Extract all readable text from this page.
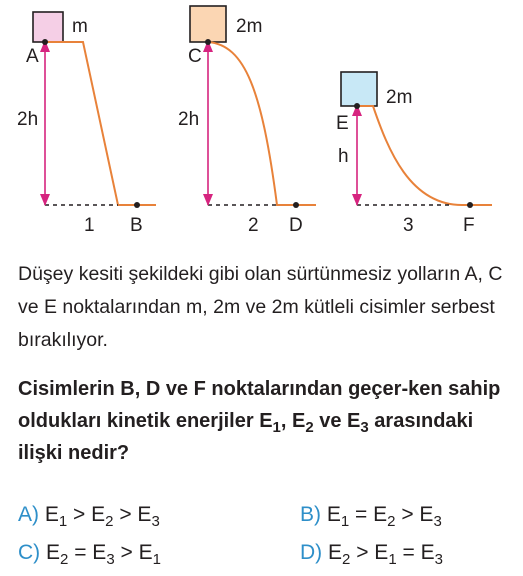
m
A
2h
1 B
2m
C
2h
2 D
2m
E
h
3	F
Düşey kesiti şekildeki gibi olan sürtünmesiz yolların A, C ve E noktalarından m, 2m ve 2m kütleli cisimler serbest bırakılıyor.
Cisimlerin B, D ve F noktalarından geçer-ken sahip oldukları kinetik enerjiler $E_1$, $E_2$ ve $E_3$ arasındaki ilişki nedir?
A) $E_1 > E_2 > E_3$	B) $E_1 = E_2 > E_3$
C) $E_2 = E_3 > E_1$	D) $E_2 > E_1 = E_3$
